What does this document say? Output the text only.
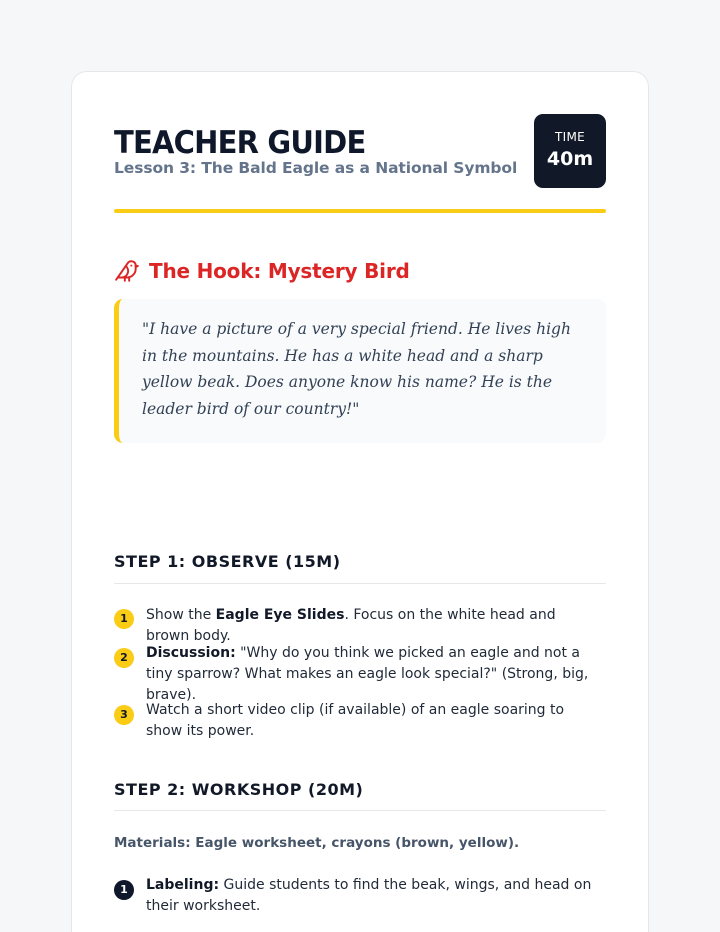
TEACHER GUIDE
Lesson 3: The Bald Eagle as a National Symbol
TIME
40m
The Hook: Mystery Bird
"I have a picture of a very special friend. He lives high in the mountains. He has a white head and a sharp yellow beak. Does anyone know his name? He is the leader bird of our country!"
STEP 1: OBSERVE (15M)
1	Show the Eagle Eye Slides. Focus on the white head and brown body.
2	Discussion: "Why do you think we picked an eagle and not a tiny sparrow? What makes an eagle look special?" (Strong, big, brave).
3	Watch a short video clip (if available) of an eagle soaring to show its power.
STEP 2: WORKSHOP (20M)
Materials: Eagle worksheet, crayons (brown, yellow).
1	Labeling: Guide students to find the beak, wings, and head on their worksheet.
